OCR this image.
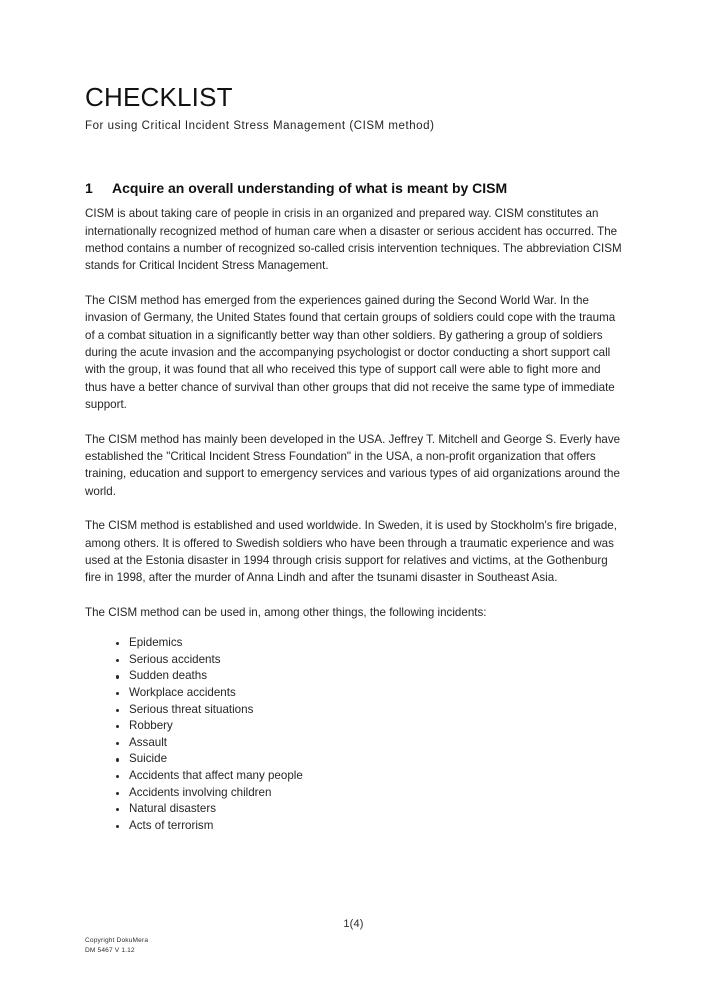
CHECKLIST
For using Critical Incident Stress Management (CISM method)
1	Acquire an overall understanding of what is meant by CISM

CISM is about taking care of people in crisis in an organized and prepared way. CISM constitutes an internationally recognized method of human care when a disaster or serious accident has occurred. The method contains a number of recognized so-called crisis intervention techniques. The abbreviation CISM stands for Critical Incident Stress Management.

The CISM method has emerged from the experiences gained during the Second World War. In the invasion of Germany, the United States found that certain groups of soldiers could cope with the trauma of a combat situation in a significantly better way than other soldiers. By gathering a group of soldiers during the acute invasion and the accompanying psychologist or doctor conducting a short support call with the group, it was found that all who received this type of support call were able to fight more and thus have a better chance of survival than other groups that did not receive the same type of immediate support.

The CISM method has mainly been developed in the USA. Jeffrey T. Mitchell and George S. Everly have established the "Critical Incident Stress Foundation" in the USA, a non-profit organization that offers training, education and support to emergency services and various types of aid organizations around the world.

The CISM method is established and used worldwide. In Sweden, it is used by Stockholm's fire brigade, among others. It is offered to Swedish soldiers who have been through a traumatic experience and was used at the Estonia disaster in 1994 through crisis support for relatives and victims, at the Gothenburg fire in 1998, after the murder of Anna Lindh and after the tsunami disaster in Southeast Asia.

The CISM method can be used in, among other things, the following incidents:

Epidemics
Serious accidents
Sudden deaths
Workplace accidents
Serious threat situations
Robbery
Assault
Suicide
Accidents that affect many people
Accidents involving children
Natural disasters
Acts of terrorism
1(4)
Copyright DokuMera
DM 5467 V 1.12
